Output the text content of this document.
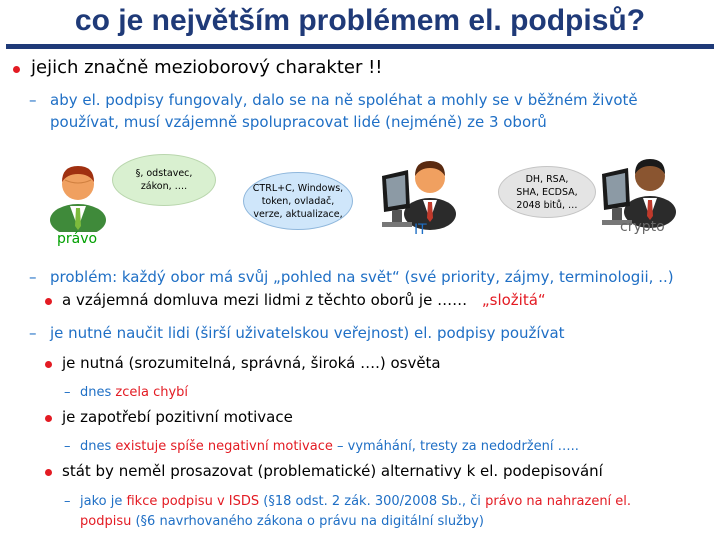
co je největším problémem el. podpisů?
jejich značně mezioborový charakter !!
– aby el. podpisy fungovaly, dalo se na ně spoléhat a mohly se v běžném životě
používat, musí vzájemně spolupracovat lidé (nejméně) ze 3 oborů
právo
§, odstavec,
zákon, ….	CTRL+C, Windows,
token, ovladač,
verze, aktualizace,
IT
DH, RSA,
SHA, ECDSA,
2048 bitů, …
crypto
– problém: každý obor má svůj „pohled na svět“ (své priority, zájmy, terminologii, ..)
a vzájemná domluva mezi lidmi z těchto oborů je …… „složitá“
– je nutné naučit lidi (širší uživatelskou veřejnost) el. podpisy používat
je nutná (srozumitelná, správná, široká ….) osvěta
– dnes zcela chybí
je zapotřebí pozitivní motivace
– dnes existuje spíše negativní motivace – vymáhání, tresty za nedodržení …..
stát by neměl prosazovat (problematické) alternativy k el. podepisování
– jako je fikce podpisu v ISDS (§18 odst. 2 zák. 300/2008 Sb., či právo na nahrazení el.
podpisu (§6 navrhovaného zákona o právu na digitální služby)
